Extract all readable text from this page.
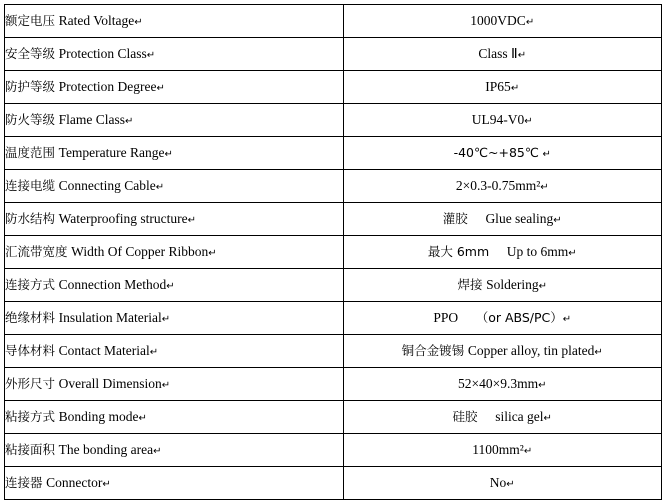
额定电压 Rated Voltage↵	1000VDC↵
安全等级 Protection Class↵	Class Ⅱ↵
防护等级 Protection Degree↵	IP65↵
防火等级 Flame Class↵	UL94-V0↵
温度范围 Temperature Range↵	-40℃~+85℃ ↵
连接电缆 Connecting Cable↵	2×0.3-0.75mm²↵
防水结构 Waterproofing structure↵	灌胶 Glue sealing↵
汇流带宽度 Width Of Copper Ribbon↵	最大 6mm Up to 6mm↵
连接方式 Connection Method↵	焊接 Soldering↵
绝缘材料 Insulation Material↵	PPO （or ABS/PC）↵
导体材料 Contact Material↵	铜合金镀锡 Copper alloy, tin plated↵
外形尺寸 Overall Dimension↵	52×40×9.3mm↵
粘接方式 Bonding mode↵	硅胶 silica gel↵
粘接面积 The bonding area↵	1100mm²↵
连接器 Connector↵	No↵
